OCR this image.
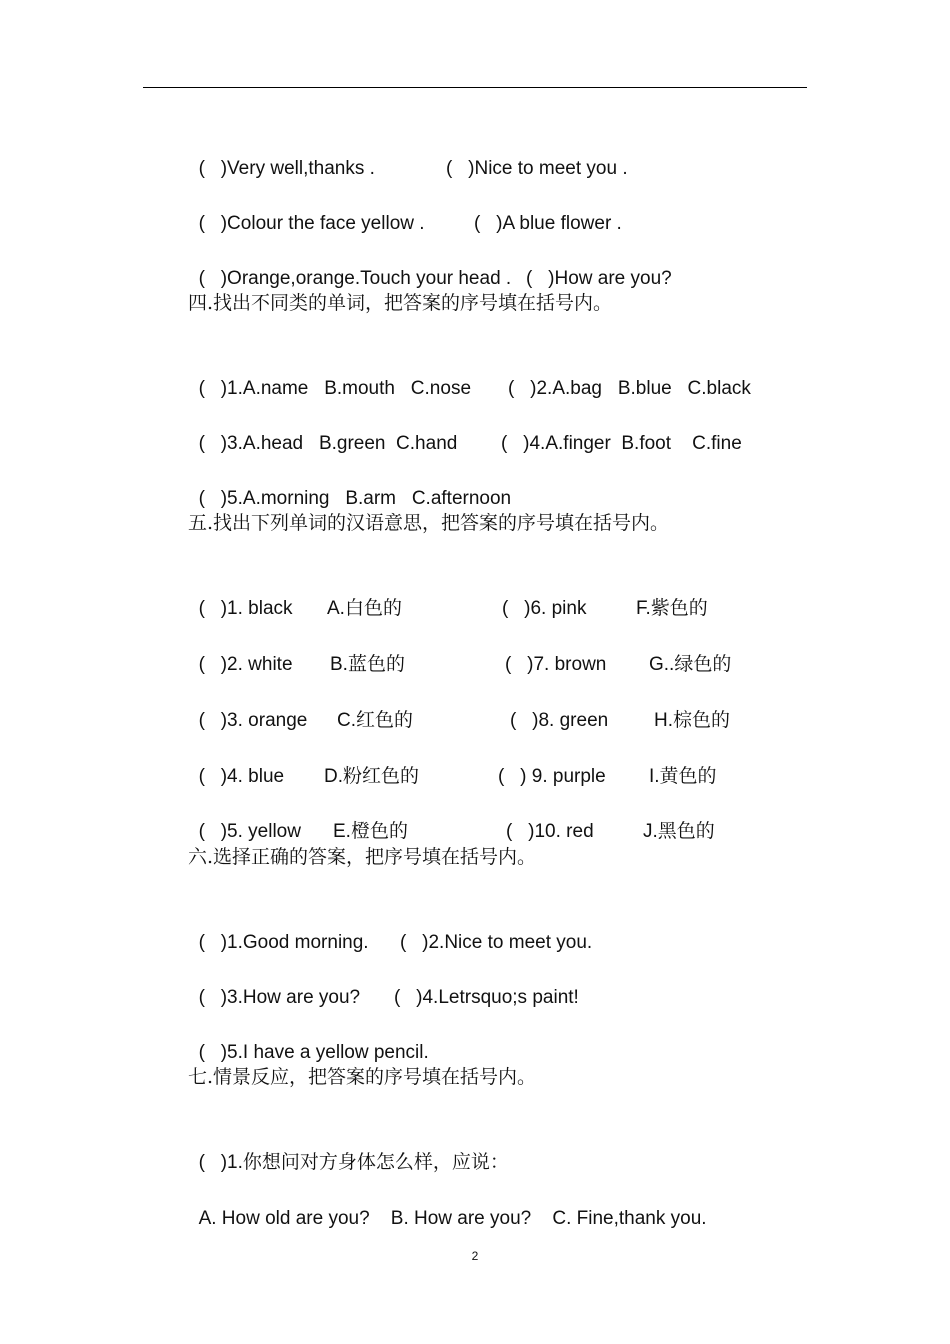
(   )Very well,thanks .	(   )Nice to meet you .

(   )Colour the face yellow .	(   )A blue flower .

(   )Orange,orange.Touch your head . (   )How are you?

四.找出不同类的单词，把答案的序号填在括号内。

(   )1.A.name   B.mouth   C.nose (   )2.A.bag   B.blue   C.black

(   )3.A.head   B.green  C.hand (   )4.A.finger  B.foot    C.fine

(   )5.A.morning   B.arm   C.afternoon

五.找出下列单词的汉语意思，把答案的序号填在括号内。

(   )1. black A.白色的	(   )6. pink	F.紫色的

(   )2. white B.蓝色的	(   )7. brown G..绿色的

(   )3. orange C.红色的	(   )8. green H.棕色的

(   )4. blue D.粉红色的	(   ) 9. purple I.黄色的

(   )5. yellow E.橙色的	(   )10. red	J.黑色的

六.选择正确的答案，把序号填在括号内。

(   )1.Good morning. (   )2.Nice to meet you.

(   )3.How are you? (   )4.Letrsquo;s paint!

(   )5.I have a yellow pencil.

七.情景反应，把答案的序号填在括号内。

(   )1.你想问对方身体怎么样，应说：

A. How old are you?    B. How are you?    C. Fine,thank you.

2
